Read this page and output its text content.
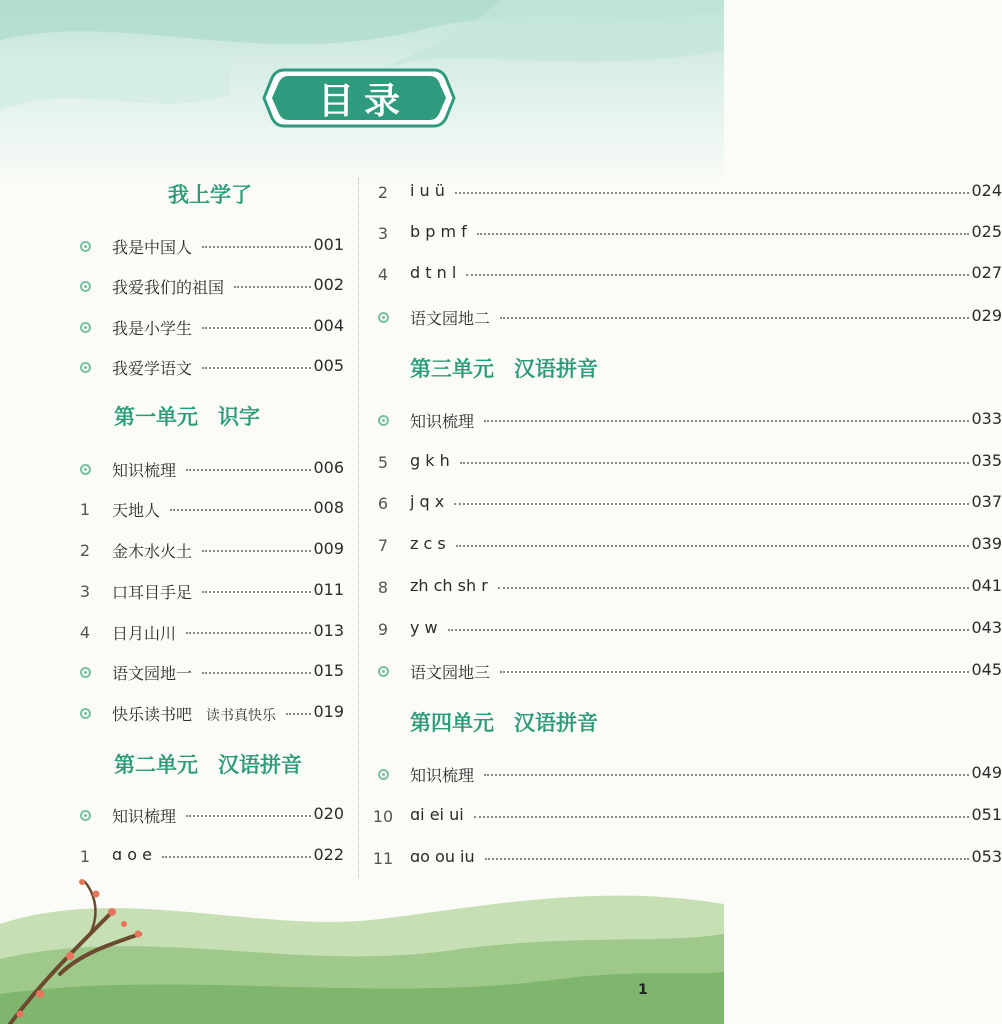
目录
我上学了
我是中国人	001
我爱我们的祖国	002
我是小学生	004
我爱学语文	005
第一单元 识字
知识梳理	006
1	天地人	008
2	金木水火土	009
3	口耳目手足	011
4	日月山川	013
语文园地一	015
快乐读书吧 读书真快乐 019
第二单元 汉语拼音
知识梳理	020
1	ɑ o e	022
2	i u ü	024
3	b p m f	025
4	d t n l	027
语文园地二	029
第三单元 汉语拼音
知识梳理	033
5	g k h	035
6	j q x	037
7	z c s	039
8	zh ch sh r	041
9	y w	043
语文园地三	045
第四单元 汉语拼音
知识梳理	049
10 ɑi ei ui	051
11 ɑo ou iu	053
1
